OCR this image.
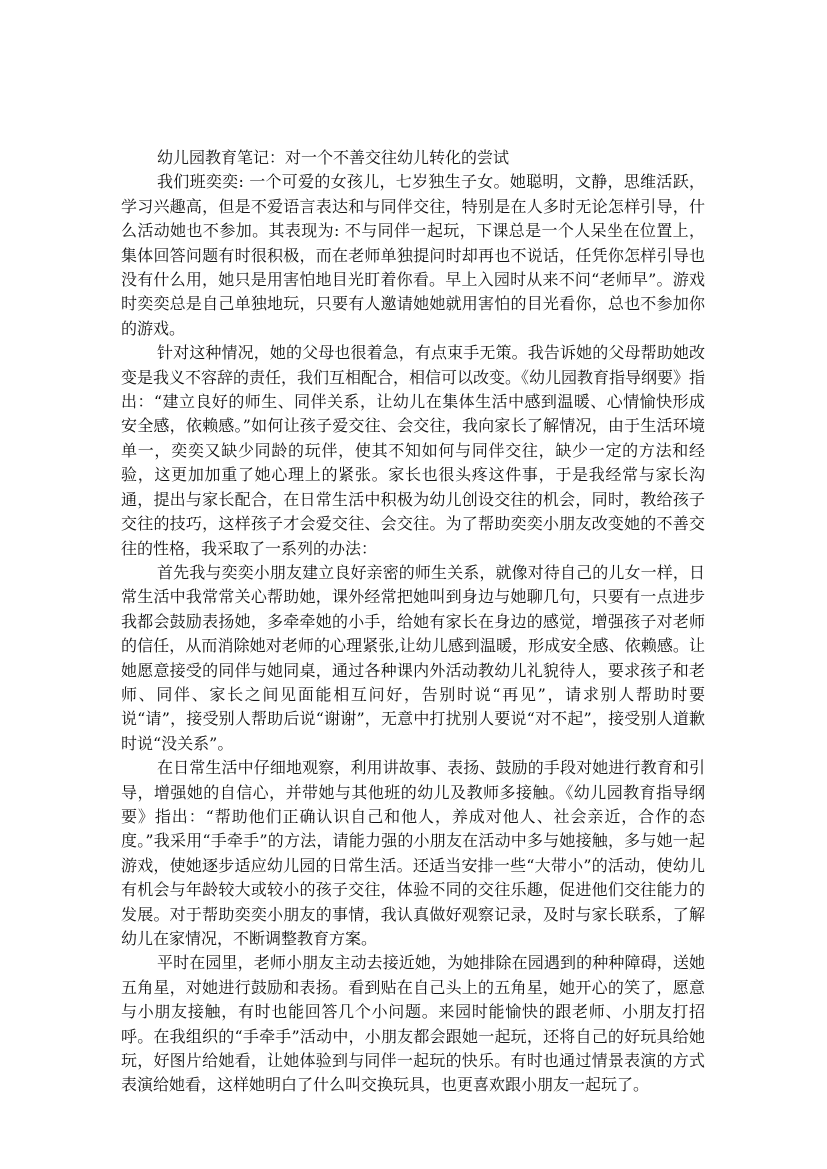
幼儿园教育笔记：对一个不善交往幼儿转化的尝试

我们班奕奕: 一个可爱的女孩儿，七岁独生子女。她聪明，文静，思维活跃，学习兴趣高，但是不爱语言表达和与同伴交往，特别是在人多时无论怎样引导，什么活动她也不参加。其表现为: 不与同伴一起玩，下课总是一个人呆坐在位置上，集体回答问题有时很积极，而在老师单独提问时却再也不说话，任凭你怎样引导也没有什么用，她只是用害怕地目光盯着你看。早上入园时从来不问“老师早”。游戏时奕奕总是自己单独地玩，只要有人邀请她她就用害怕的目光看你，总也不参加你的游戏。

针对这种情况，她的父母也很着急，有点束手无策。我告诉她的父母帮助她改变是我义不容辞的责任，我们互相配合，相信可以改变。《幼儿园教育指导纲要》指出：“建立良好的师生、同伴关系，让幼儿在集体生活中感到温暖、心情愉快形成安全感，依赖感。”如何让孩子爱交往、会交往，我向家长了解情况，由于生活环境单一，奕奕又缺少同龄的玩伴，使其不知如何与同伴交往，缺少一定的方法和经验，这更加加重了她心理上的紧张。家长也很头疼这件事，于是我经常与家长沟通，提出与家长配合，在日常生活中积极为幼儿创设交往的机会，同时，教给孩子交往的技巧，这样孩子才会爱交往、会交往。为了帮助奕奕小朋友改变她的不善交往的性格，我采取了一系列的办法：

首先我与奕奕小朋友建立良好亲密的师生关系，就像对待自己的儿女一样，日常生活中我常常关心帮助她，课外经常把她叫到身边与她聊几句，只要有一点进步我都会鼓励表扬她，多牵牵她的小手，给她有家长在身边的感觉，增强孩子对老师的信任，从而消除她对老师的心理紧张,让幼儿感到温暖，形成安全感、依赖感。让她愿意接受的同伴与她同桌，通过各种课内外活动教幼儿礼貌待人，要求孩子和老师、同伴、家长之间见面能相互问好，告别时说“再见”，请求别人帮助时要说“请”，接受别人帮助后说“谢谢”，无意中打扰别人要说“对不起”，接受别人道歉时说“没关系”。

在日常生活中仔细地观察，利用讲故事、表扬、鼓励的手段对她进行教育和引导，增强她的自信心，并带她与其他班的幼儿及教师多接触。《幼儿园教育指导纲要》指出：“帮助他们正确认识自己和他人，养成对他人、社会亲近，合作的态度。”我采用“手牵手”的方法，请能力强的小朋友在活动中多与她接触，多与她一起游戏，使她逐步适应幼儿园的日常生活。还适当安排一些“大带小”的活动，使幼儿有机会与年龄较大或较小的孩子交往，体验不同的交往乐趣，促进他们交往能力的发展。对于帮助奕奕小朋友的事情，我认真做好观察记录，及时与家长联系，了解幼儿在家情况，不断调整教育方案。

平时在园里，老师小朋友主动去接近她，为她排除在园遇到的种种障碍，送她五角星，对她进行鼓励和表扬。看到贴在自己头上的五角星，她开心的笑了，愿意与小朋友接触，有时也能回答几个小问题。来园时能愉快的跟老师、小朋友打招呼。在我组织的“手牵手”活动中，小朋友都会跟她一起玩，还将自己的好玩具给她玩，好图片给她看，让她体验到与同伴一起玩的快乐。有时也通过情景表演的方式表演给她看，这样她明白了什么叫交换玩具，也更喜欢跟小朋友一起玩了。
